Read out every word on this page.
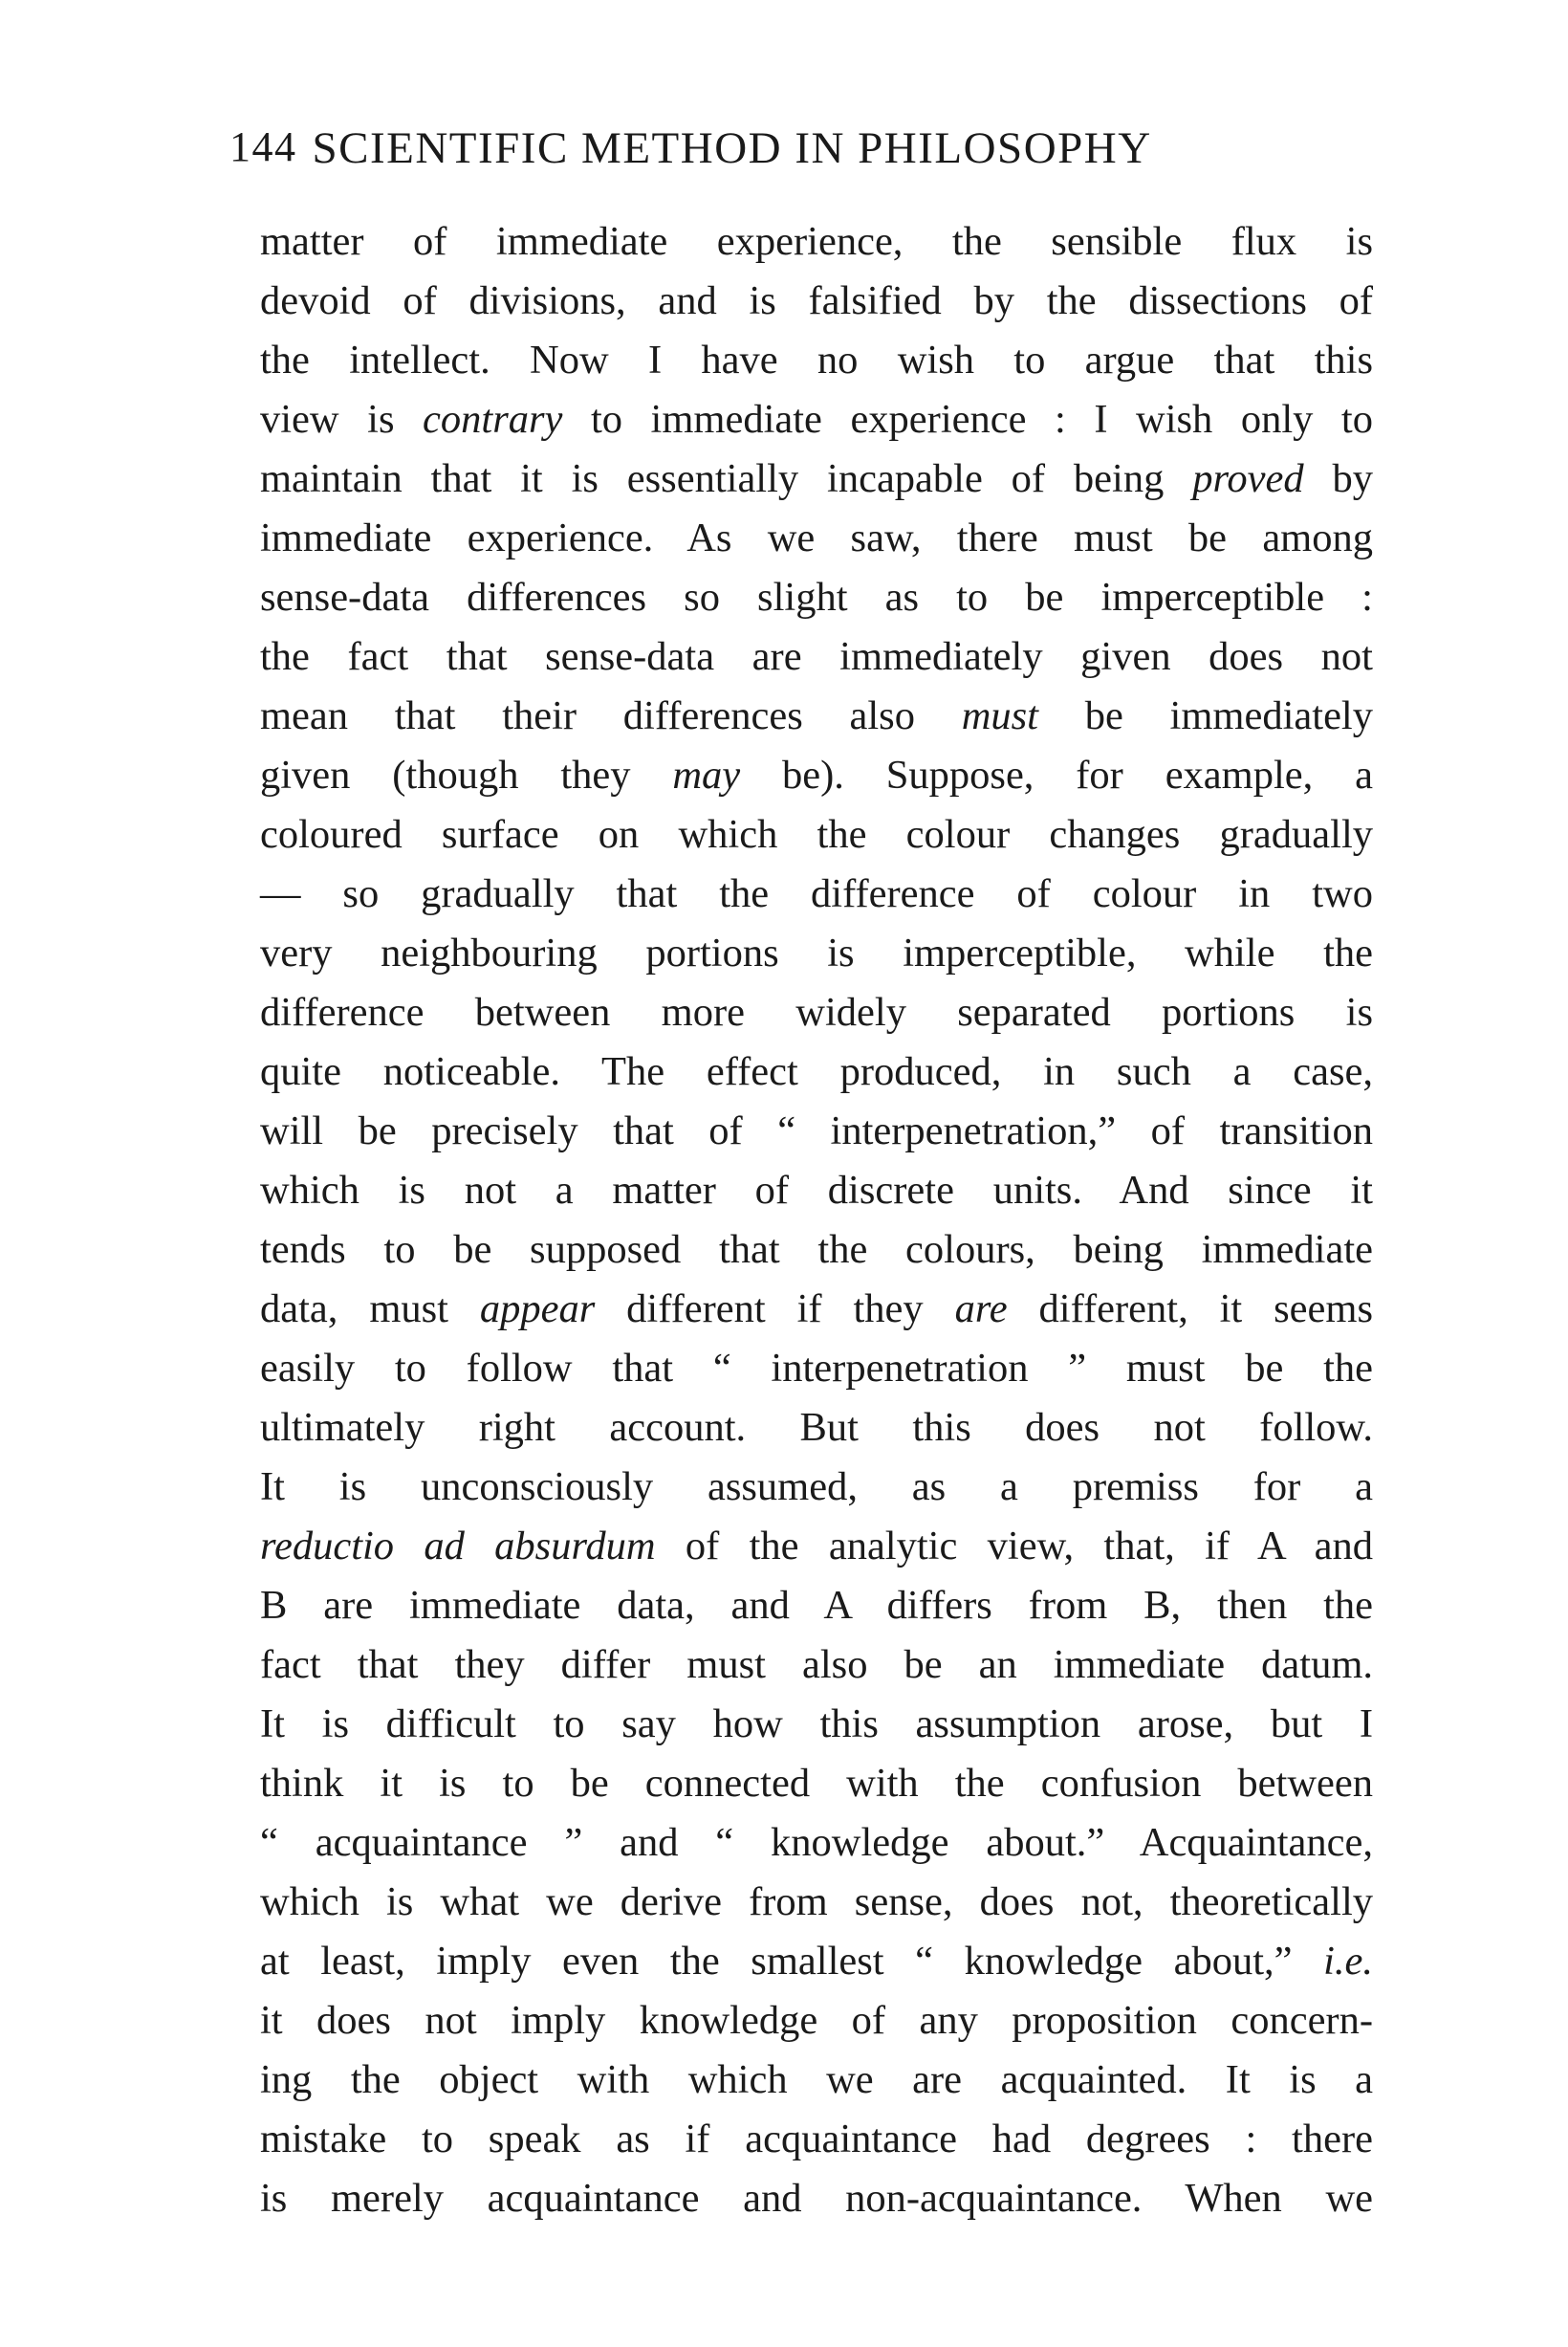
144 SCIENTIFIC METHOD IN PHILOSOPHY
matter of immediate experience, the sensible flux is
devoid of divisions, and is falsified by the dissections of
the intellect. Now I have no wish to argue that this
view is contrary to immediate experience : I wish only to
maintain that it is essentially incapable of being proved by
immediate experience. As we saw, there must be among
sense-data differences so slight as to be imperceptible :
the fact that sense-data are immediately given does not
mean that their differences also must be immediately
given (though they may be). Suppose, for example, a
coloured surface on which the colour changes gradually
— so gradually that the difference of colour in two
very neighbouring portions is imperceptible, while the
difference between more widely separated portions is
quite noticeable. The effect produced, in such a case,
will be precisely that of “ interpenetration,” of transition
which is not a matter of discrete units. And since it
tends to be supposed that the colours, being immediate
data, must appear different if they are different, it seems
easily to follow that “ interpenetration ” must be the
ultimately right account. But this does not follow.
It is unconsciously assumed, as a premiss for a
reductio ad absurdum of the analytic view, that, if A and
B are immediate data, and A differs from B, then the
fact that they differ must also be an immediate datum.
It is difficult to say how this assumption arose, but I
think it is to be connected with the confusion between
“ acquaintance ” and “ knowledge about.” Acquaintance,
which is what we derive from sense, does not, theoretically
at least, imply even the smallest “ knowledge about,” i.e.
it does not imply knowledge of any proposition concern-
ing the object with which we are acquainted. It is a
mistake to speak as if acquaintance had degrees : there
is merely acquaintance and non-acquaintance. When we
